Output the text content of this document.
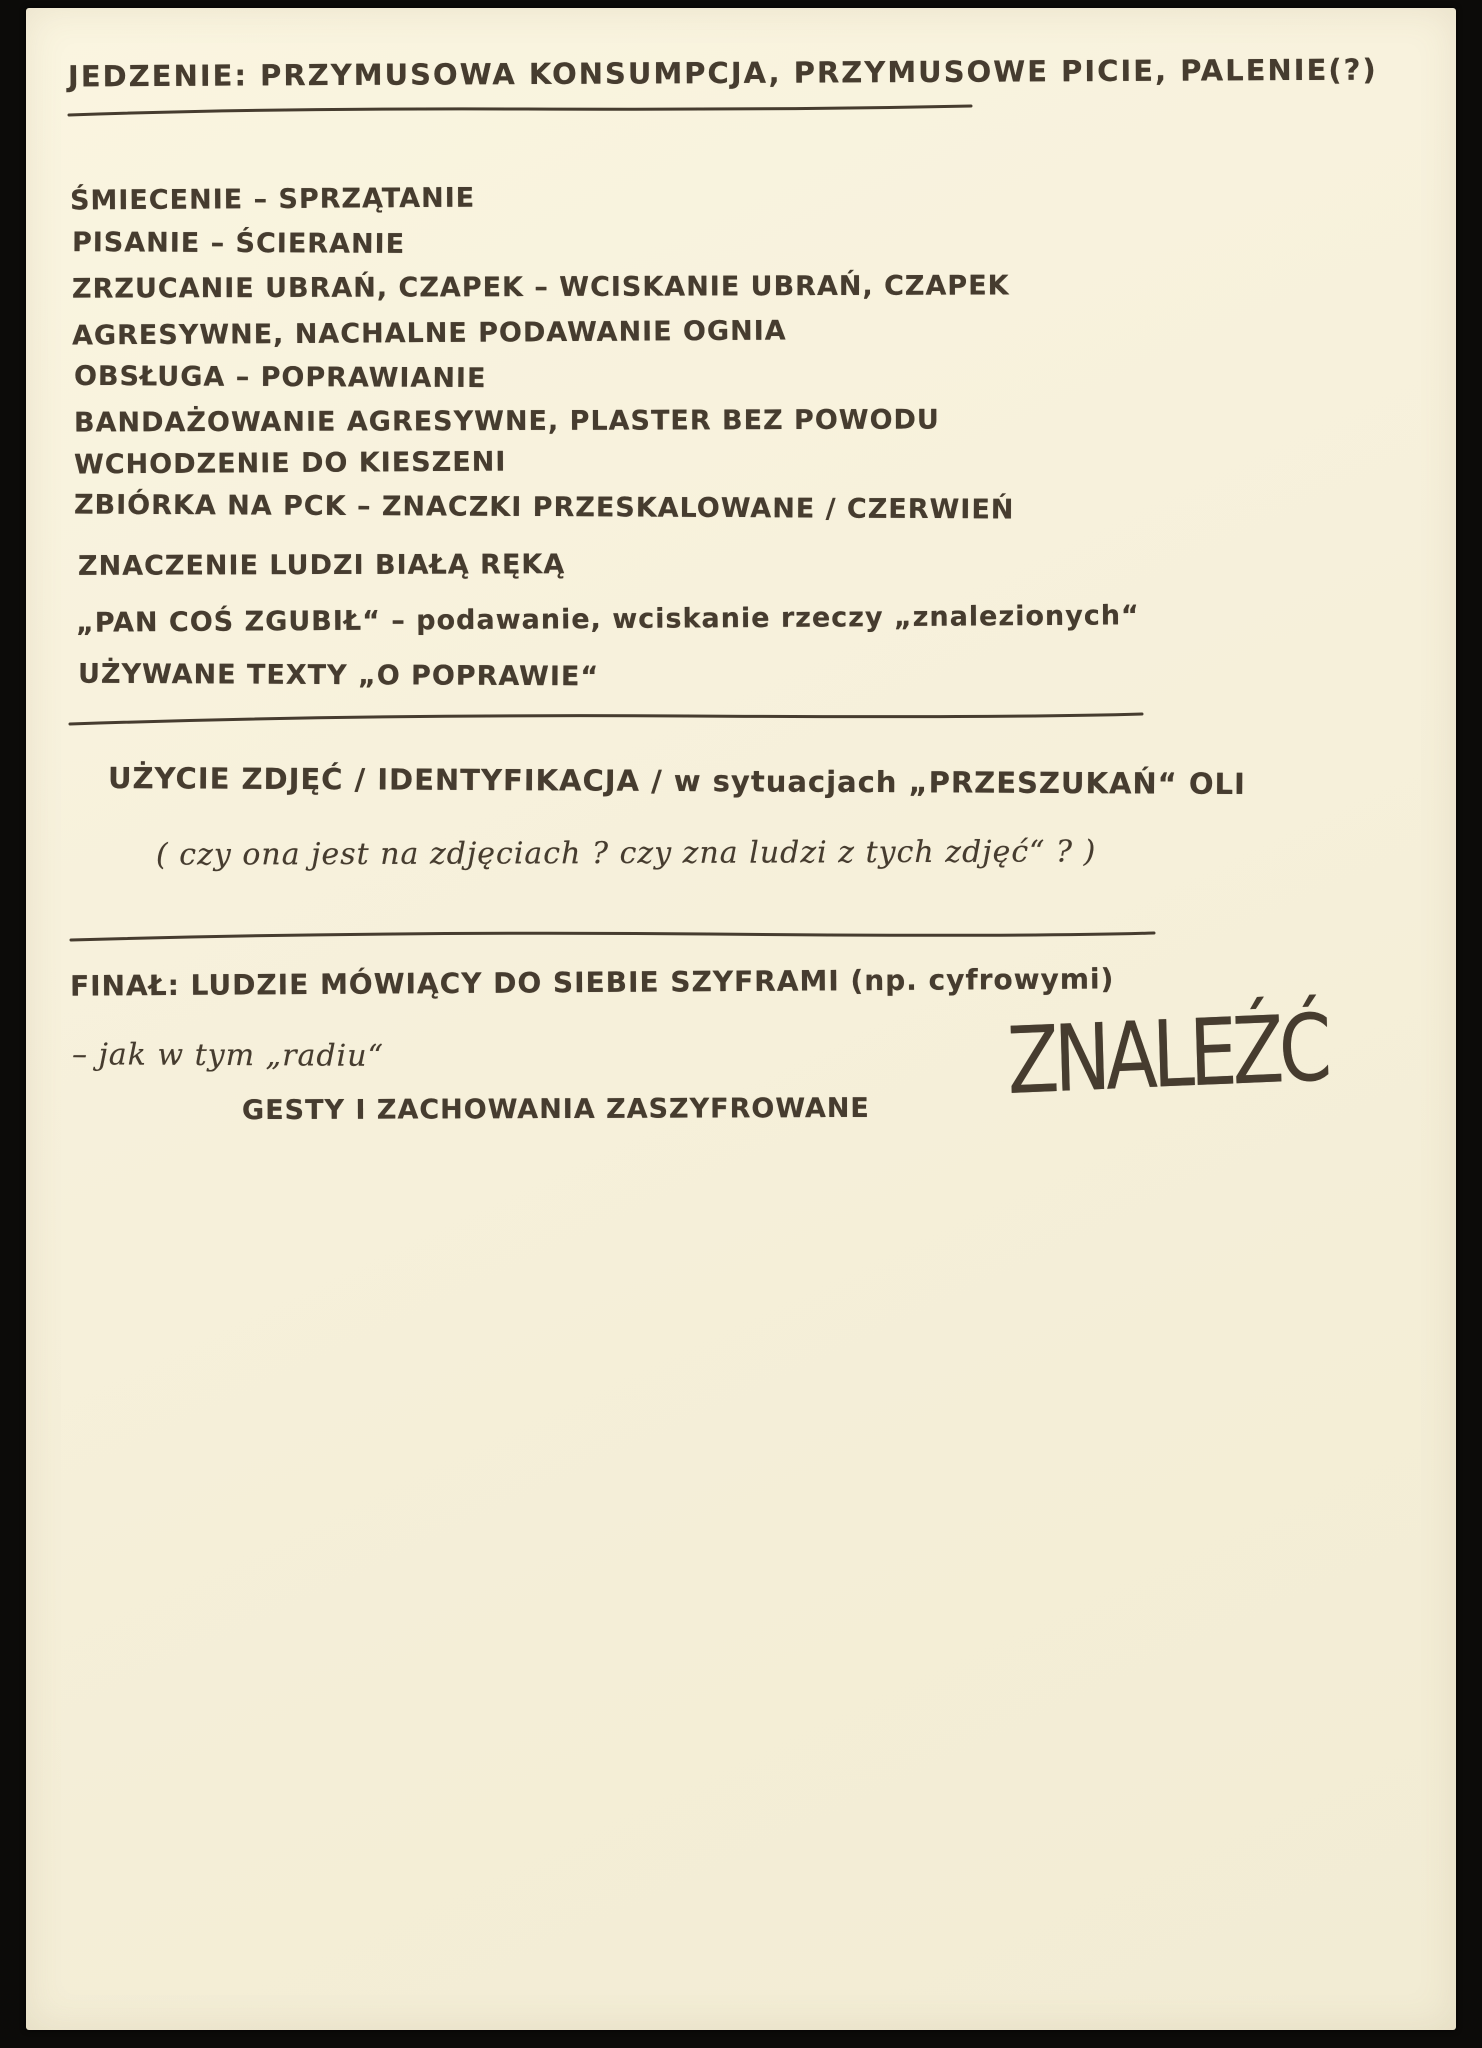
JEDZENIE: PRZYMUSOWA KONSUMPCJA, PRZYMUSOWE PICIE, PALENIE(?)
ŚMIECENIE – SPRZĄTANIE
PISANIE – ŚCIERANIE
ZRZUCANIE UBRAŃ, CZAPEK – WCISKANIE UBRAŃ, CZAPEK
AGRESYWNE, NACHALNE PODAWANIE OGNIA
OBSŁUGA – POPRAWIANIE
BANDAŻOWANIE AGRESYWNE, PLASTER BEZ POWODU
WCHODZENIE DO KIESZENI
ZBIÓRKA NA PCK – ZNACZKI PRZESKALOWANE / CZERWIEŃ
ZNACZENIE LUDZI BIAŁĄ RĘKĄ
„PAN COŚ ZGUBIŁ“ – podawanie, wciskanie rzeczy „znalezionych“
UŻYWANE TEXTY „O POPRAWIE“
UŻYCIE ZDJĘĆ / IDENTYFIKACJA / w sytuacjach „PRZESZUKAŃ“ OLI
( czy ona jest na zdjęciach ? czy zna ludzi z tych zdjęć“ ? )
FINAŁ: LUDZIE MÓWIĄCY DO SIEBIE SZYFRAMI (np. cyfrowymi)
– jak w tym „radiu“
GESTY I ZACHOWANIA ZASZYFROWANE ZNALEŹĆ
